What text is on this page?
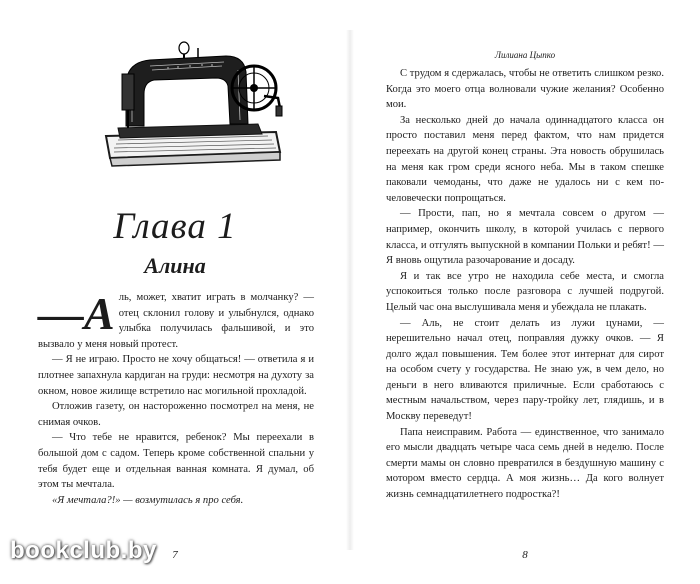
Глава 1
Алина

—А ль, может, хватит играть в молчанку? — отец склонил голову и улыбнулся, однако улыбка получилась фальшивой, и это вызвало у меня новый протест.

— Я не играю. Просто не хочу общаться! — ответила я и плотнее запахнула кардиган на груди: несмотря на духоту за окном, новое жилище встретило нас могильной прохладой.

Отложив газету, он настороженно посмотрел на меня, не снимая очков.

— Что тебе не нравится, ребенок? Мы переехали в большой дом с садом. Теперь кроме собственной спальни у тебя будет еще и отдельная ванная комната. Я думал, об этом ты мечтала.

«Я мечтала?!» — возмутилась я про себя.

7
Лилиана Цыпко

С трудом я сдержалась, чтобы не ответить слишком резко. Когда это моего отца волновали чужие желания? Особенно мои.

За несколько дней до начала одиннадцатого класса он просто поставил меня перед фактом, что нам придется переехать на другой конец страны. Эта новость обрушилась на меня как гром среди ясного неба. Мы в таком спешке паковали чемоданы, что даже не удалось ни с кем по-человечески попрощаться.

— Прости, пап, но я мечтала совсем о другом — например, окончить школу, в которой училась с первого класса, и отгулять выпускной в компании Польки и ребят! — Я вновь ощутила разочарование и досаду.

Я и так все утро не находила себе места, и смогла успокоиться только после разговора с лучшей подругой. Целый час она выслушивала меня и убеждала не плакать.

— Аль, не стоит делать из лужи цунами, — нерешительно начал отец, поправляя дужку очков. — Я долго ждал повышения. Тем более этот интернат для сирот на особом счету у государства. Не знаю уж, в чем дело, но деньги в него вливаются приличные. Если сработаюсь с местным начальством, через пару-тройку лет, глядишь, и в Москву переведут!

Папа неисправим. Работа — единственное, что занимало его мысли двадцать четыре часа семь дней в неделю. После смерти мамы он словно превратился в бездушную машину с мотором вместо сердца. А моя жизнь… Да кого волнует жизнь семнадцатилетнего подростка?!

8
bookclub.by
